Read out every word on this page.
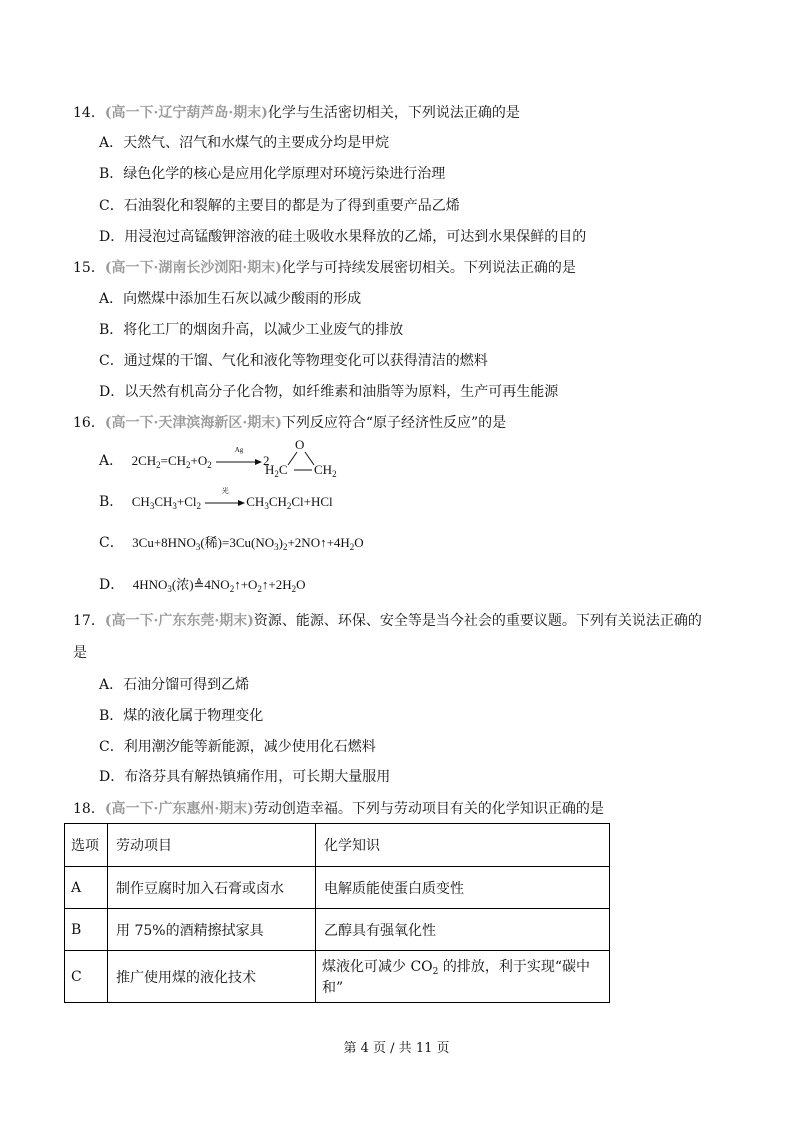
14．(高一下·辽宁葫芦岛·期末)化学与生活密切相关，下列说法正确的是
A．天然气、沼气和水煤气的主要成分均是甲烷
B．绿色化学的核心是应用化学原理对环境污染进行治理
C．石油裂化和裂解的主要目的都是为了得到重要产品乙烯
D．用浸泡过高锰酸钾溶液的硅土吸收水果释放的乙烯，可达到水果保鲜的目的
15．(高一下·湖南长沙浏阳·期末)化学与可持续发展密切相关。下列说法正确的是
A．向燃煤中添加生石灰以减少酸雨的形成
B．将化工厂的烟囱升高，以减少工业废气的排放
C．通过煤的干馏、气化和液化等物理变化可以获得清洁的燃料
D．以天然有机高分子化合物，如纤维素和油脂等为原料，生产可再生能源
16．(高一下·天津滨海新区·期末)下列反应符合“原子经济性反应”的是
A． $2CH_2=CH_2+O_2$
Ag
2
O
$H_2C$ $CH_2$
B． $CH_3CH_3+Cl_2$
光
$CH_3CH_2Cl+HCl$
C． $3Cu+8HNO_3$(稀)$=3Cu(NO_3)_2+2NO↑+4H_2O$
D． $4HNO_3$(浓)$≜4NO_2↑+O_2↑+2H_2O$
17．(高一下·广东东莞·期末)资源、能源、环保、安全等是当今社会的重要议题。下列有关说法正确的
是
A．石油分馏可得到乙烯
B．煤的液化属于物理变化
C．利用潮汐能等新能源，减少使用化石燃料
D．布洛芬具有解热镇痛作用，可长期大量服用
18．(高一下·广东惠州·期末)劳动创造幸福。下列与劳动项目有关的化学知识正确的是
选项	劳动项目	化学知识
A	制作豆腐时加入石膏或卤水	电解质能使蛋白质变性
B	用 75%的酒精擦拭家具	乙醇具有强氧化性
C	推广使用煤的液化技术	煤液化可减少 $CO_2$ 的排放，利于实现“碳中和”
第 4 页 / 共 11 页
